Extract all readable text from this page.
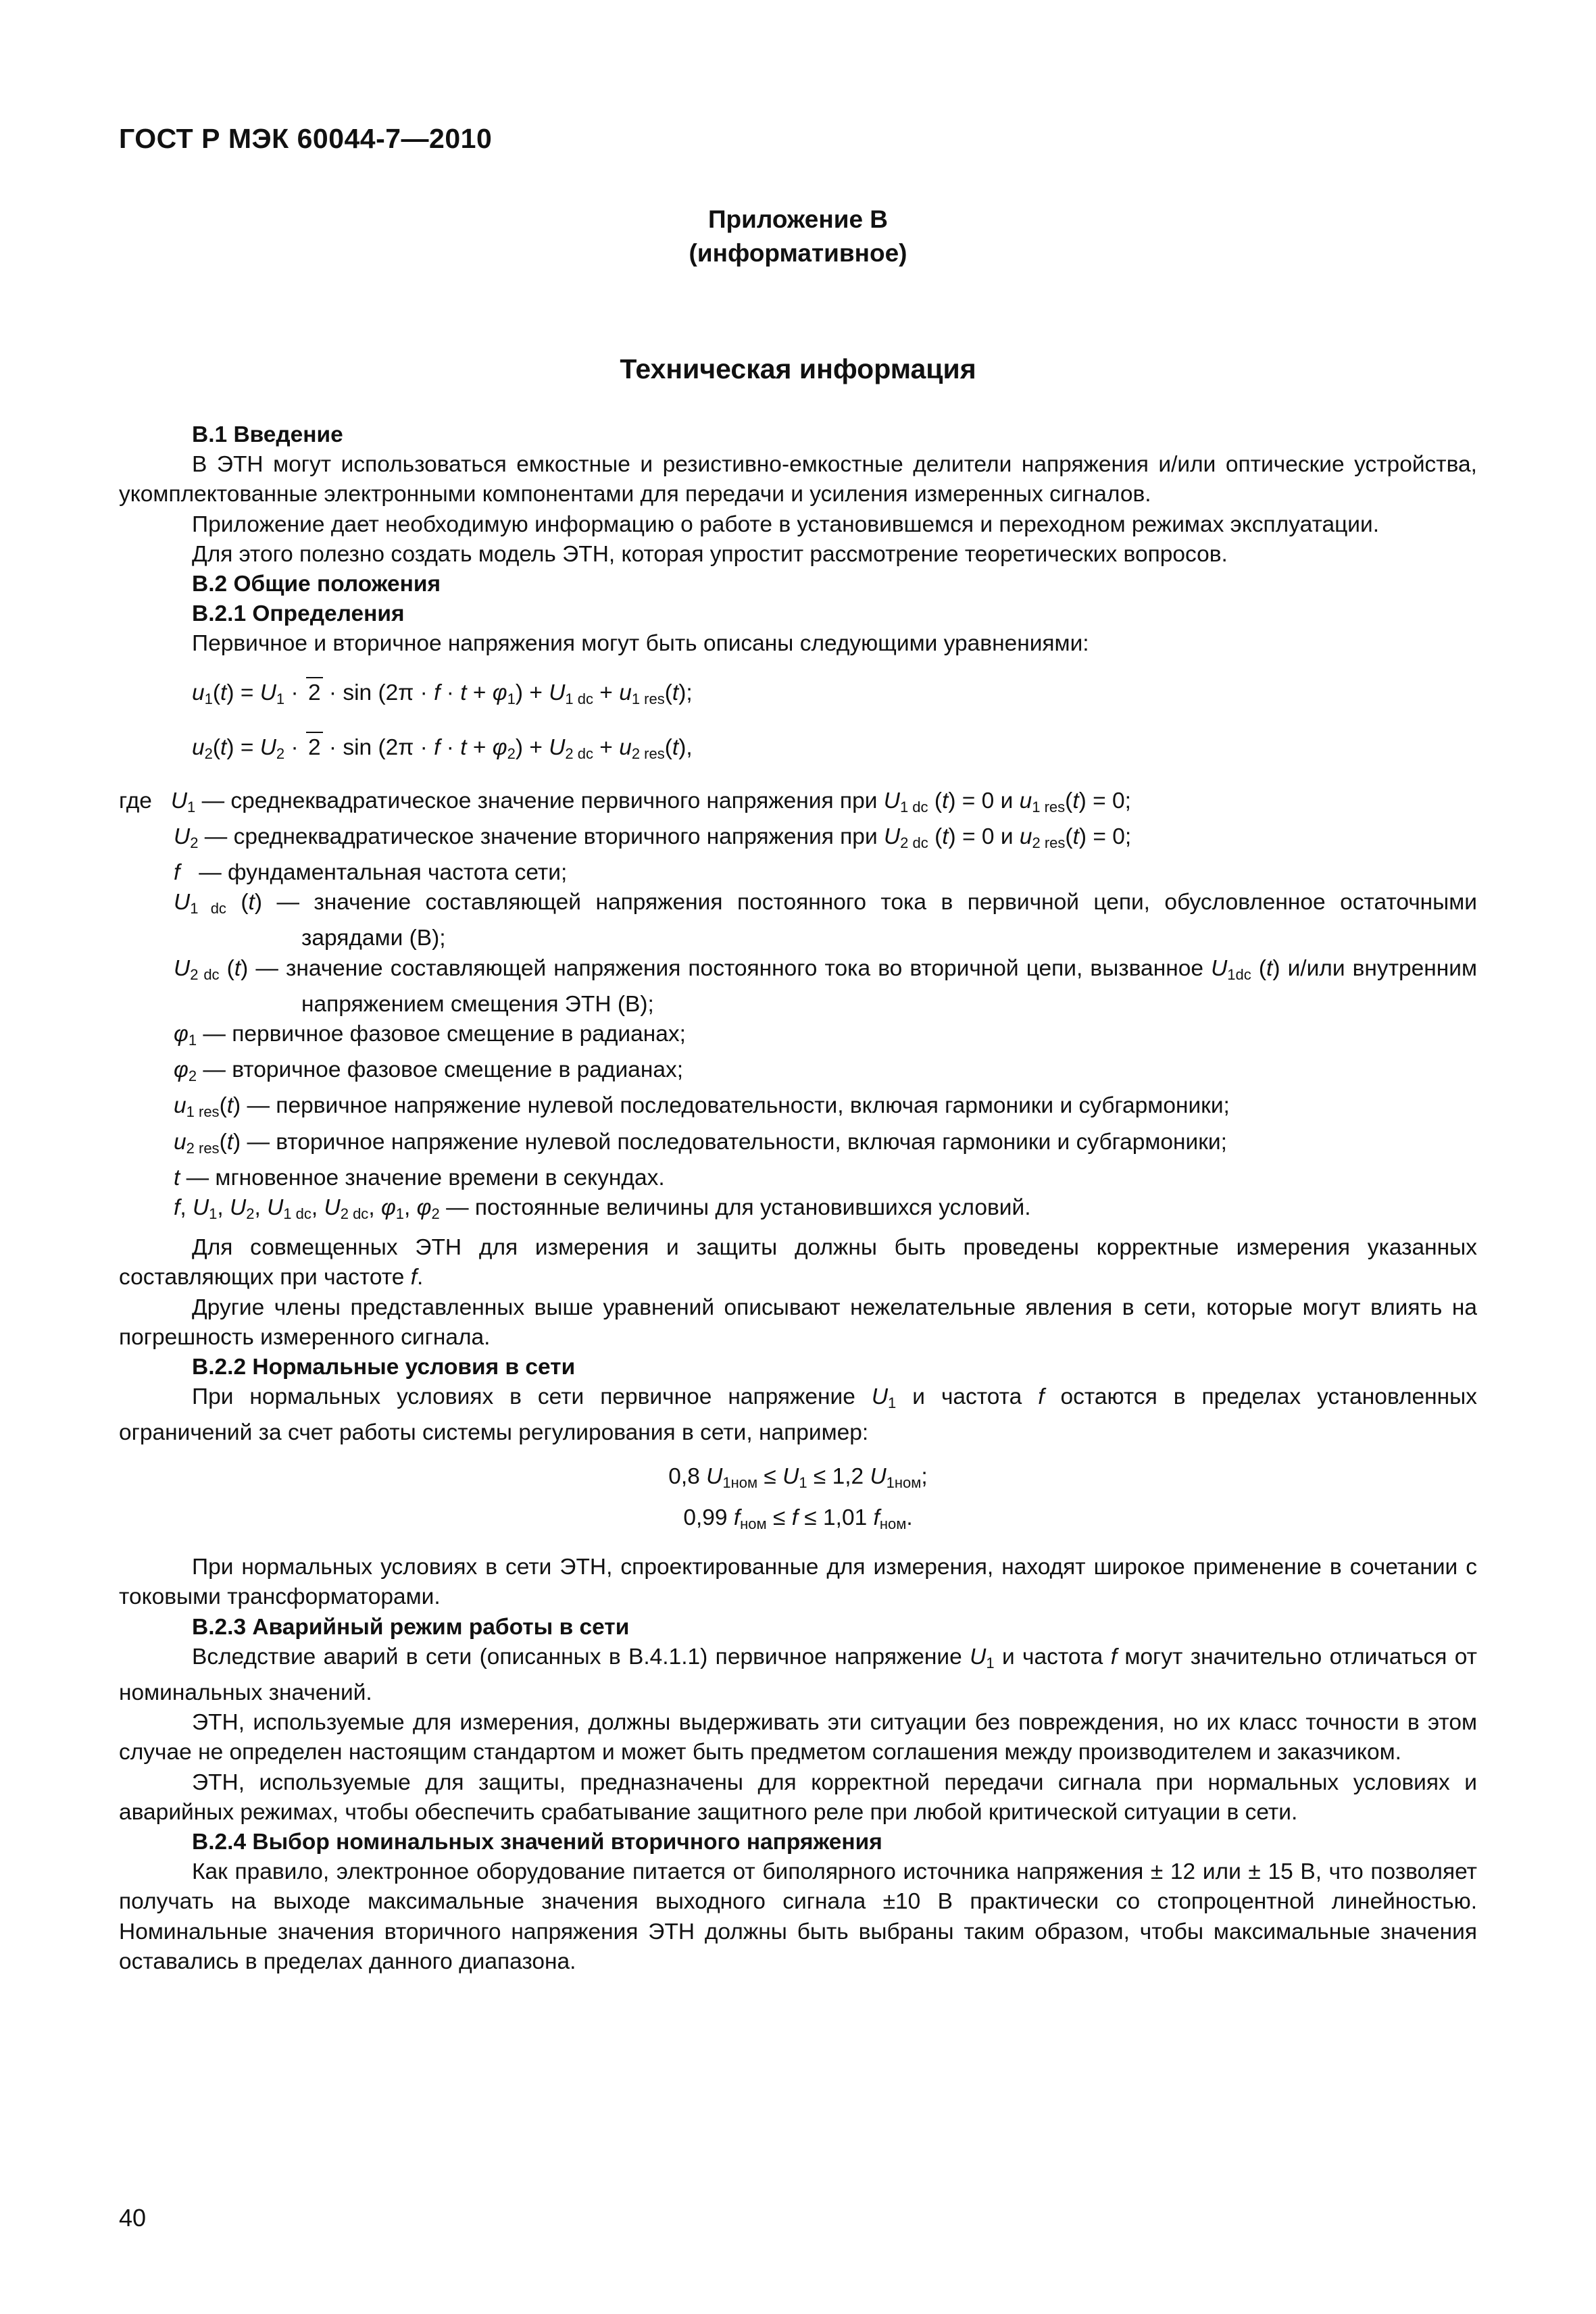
ГОСТ Р МЭК 60044-7—2010
Приложение В
(информативное)
Техническая информация

В.1 Введение

В ЭТН могут использоваться емкостные и резистивно-емкостные делители напряжения и/или оптические устройства, укомплектованные электронными компонентами для передачи и усиления измеренных сигналов.

Приложение дает необходимую информацию о работе в установившемся и переходном режимах эксплуатации.

Для этого полезно создать модель ЭТН, которая упростит рассмотрение теоретических вопросов.

В.2 Общие положения

В.2.1 Определения

Первичное и вторичное напряжения могут быть описаны следующими уравнениями:

$u_1(t) = U_1 \cdot 2 \cdot \sin (2\pi \cdot f \cdot t + \varphi_1) + U_{1 dc} + u_{1 res}(t)$;
$u_2(t) = U_2 \cdot 2 \cdot \sin (2\pi \cdot f \cdot t + \varphi_2) + U_{2 dc} + u_{2 res}(t)$,

где $U_1$ — среднеквадратическое значение первичного напряжения при $U_{1 dc}$ (t) = 0 и $u_{1 res}(t) = 0$;

$U_2$ — среднеквадратическое значение вторичного напряжения при $U_{2 dc}$ (t) = 0 и $u_{2 res}(t) = 0$;

f — фундаментальная частота сети;

$U_{1 dc}$ (t) — значение составляющей напряжения постоянного тока в первичной цепи, обусловленное остаточными зарядами (В);

$U_{2 dc}$ (t) — значение составляющей напряжения постоянного тока во вторичной цепи, вызванное $U_{1dc}$ (t) и/или внутренним напряжением смещения ЭТН (В);

$\varphi_1$ — первичное фазовое смещение в радианах;

$\varphi_2$ — вторичное фазовое смещение в радианах;

$u_{1 res}(t)$ — первичное напряжение нулевой последовательности, включая гармоники и субгармоники;

$u_{2 res}(t)$ — вторичное напряжение нулевой последовательности, включая гармоники и субгармоники;

t — мгновенное значение времени в секундах.

f, $U_1$, $U_2$, $U_{1 dc}$, $U_{2 dc}$, $\varphi_1$, $\varphi_2$ — постоянные величины для установившихся условий.

Для совмещенных ЭТН для измерения и защиты должны быть проведены корректные измерения указанных составляющих при частоте f.

Другие члены представленных выше уравнений описывают нежелательные явления в сети, которые могут влиять на погрешность измеренного сигнала.

В.2.2 Нормальные условия в сети

При нормальных условиях в сети первичное напряжение $U_1$ и частота f остаются в пределах установленных ограничений за счет работы системы регулирования в сети, например:

0,8 $U_{1ном} \le U_1 \le 1,2$ $U_{1ном}$;
0,99 $f_{ном} \le f \le 1,01$ $f_{ном}$.

При нормальных условиях в сети ЭТН, спроектированные для измерения, находят широкое применение в сочетании с токовыми трансформаторами.

В.2.3 Аварийный режим работы в сети

Вследствие аварий в сети (описанных в В.4.1.1) первичное напряжение $U_1$ и частота f могут значительно отличаться от номинальных значений.

ЭТН, используемые для измерения, должны выдерживать эти ситуации без повреждения, но их класс точности в этом случае не определен настоящим стандартом и может быть предметом соглашения между производителем и заказчиком.

ЭТН, используемые для защиты, предназначены для корректной передачи сигнала при нормальных условиях и аварийных режимах, чтобы обеспечить срабатывание защитного реле при любой критической ситуации в сети.

В.2.4 Выбор номинальных значений вторичного напряжения

Как правило, электронное оборудование питается от биполярного источника напряжения ± 12 или ± 15 В, что позволяет получать на выходе максимальные значения выходного сигнала ±10 В практически со стопроцентной линейностью. Номинальные значения вторичного напряжения ЭТН должны быть выбраны таким образом, чтобы максимальные значения оставались в пределах данного диапазона.

40
